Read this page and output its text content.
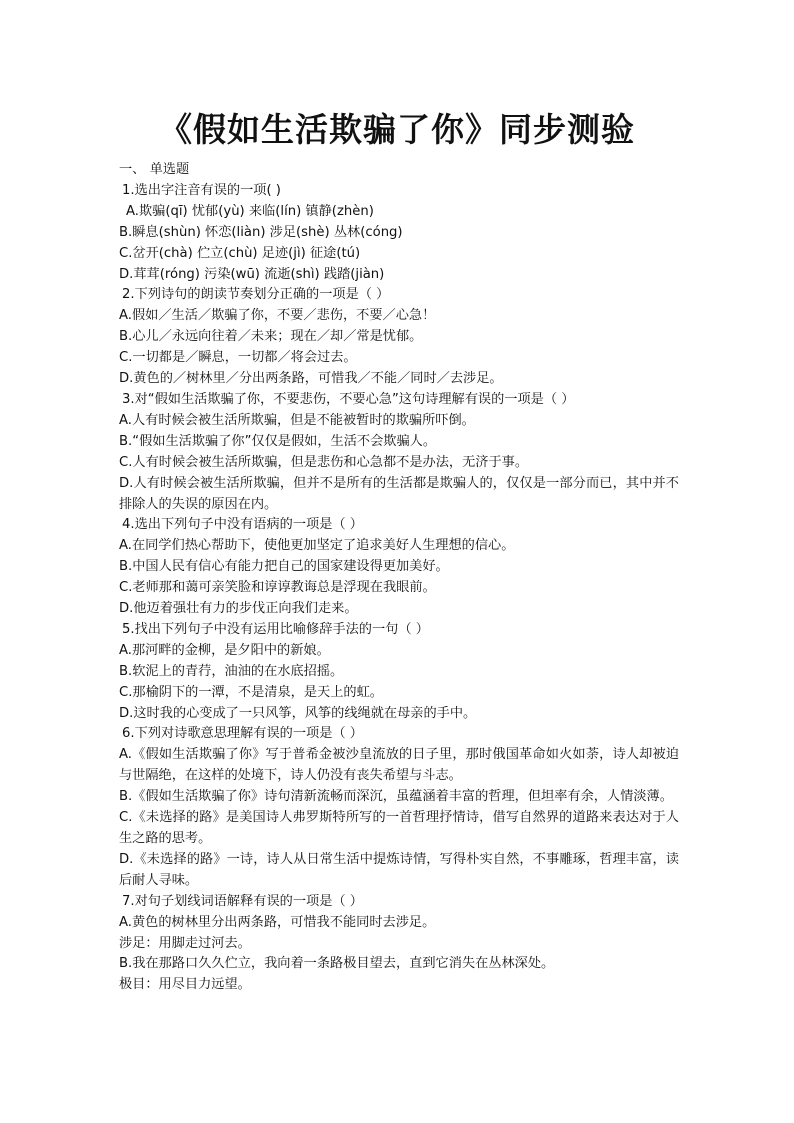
《假如生活欺骗了你》同步测验
一、 单选题
1.选出字注音有误的一项( )
A.欺骗(qī) 忧郁(yù) 来临(lín) 镇静(zhèn)
B.瞬息(shùn) 怀恋(liàn) 涉足(shè) 丛林(cóng)
C.岔开(chà) 伫立(chù) 足迹(jì) 征途(tú)
D.茸茸(róng) 污染(wū) 流逝(shì) 践踏(jiàn)
2.下列诗句的朗读节奏划分正确的一项是（ ）
A.假如／生活／欺骗了你，不要／悲伤，不要／心急！
B.心儿／永远向往着／未来；现在／却／常是忧郁。
C.一切都是／瞬息，一切都／将会过去。
D.黄色的／树林里／分出两条路，可惜我／不能／同时／去涉足。
3.对“假如生活欺骗了你，不要悲伤，不要心急”这句诗理解有误的一项是（ ）
A.人有时候会被生活所欺骗，但是不能被暂时的欺骗所吓倒。
B.“假如生活欺骗了你”仅仅是假如，生活不会欺骗人。
C.人有时候会被生活所欺骗，但是悲伤和心急都不是办法，无济于事。
D.人有时候会被生活所欺骗，但并不是所有的生活都是欺骗人的，仅仅是一部分而已，其中并不排除人的失误的原因在内。
4.选出下列句子中没有语病的一项是（ ）
A.在同学们热心帮助下，使他更加坚定了追求美好人生理想的信心。
B.中国人民有信心有能力把自己的国家建设得更加美好。
C.老师那和蔼可亲笑脸和谆谆教诲总是浮现在我眼前。
D.他迈着强壮有力的步伐正向我们走来。
5.找出下列句子中没有运用比喻修辞手法的一句（ ）
A.那河畔的金柳，是夕阳中的新娘。
B.软泥上的青荇，油油的在水底招摇。
C.那榆阴下的一潭，不是清泉，是天上的虹。
D.这时我的心变成了一只风筝，风筝的线绳就在母亲的手中。
6.下列对诗歌意思理解有误的一项是（ ）
A.《假如生活欺骗了你》写于普希金被沙皇流放的日子里，那时俄国革命如火如荼，诗人却被迫与世隔绝，在这样的处境下，诗人仍没有丧失希望与斗志。
B.《假如生活欺骗了你》诗句清新流畅而深沉，虽蕴涵着丰富的哲理，但坦率有余，人情淡薄。
C.《未选择的路》是美国诗人弗罗斯特所写的一首哲理抒情诗，借写自然界的道路来表达对于人生之路的思考。
D.《未选择的路》一诗，诗人从日常生活中提炼诗情，写得朴实自然，不事雕琢，哲理丰富，读后耐人寻味。
7.对句子划线词语解释有误的一项是（ ）
A.黄色的树林里分出两条路，可惜我不能同时去涉足。
涉足：用脚走过河去。
B.我在那路口久久伫立，我向着一条路极目望去，直到它消失在丛林深处。
极目：用尽目力远望。
